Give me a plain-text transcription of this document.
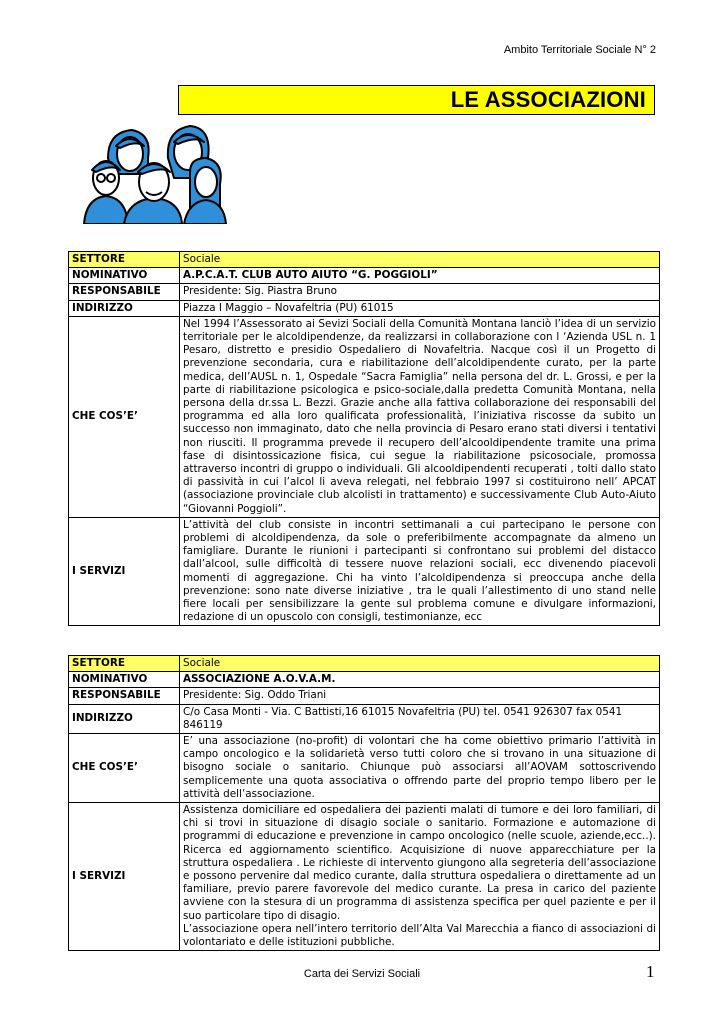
Ambito Territoriale Sociale N° 2
LE ASSOCIAZIONI
SETTORE	Sociale
NOMINATIVO	A.P.C.A.T. CLUB AUTO AIUTO “G. POGGIOLI”
RESPONSABILE	Presidente: Sig. Piastra Bruno
INDIRIZZO	Piazza I Maggio – Novafeltria (PU) 61015
CHE COS’E’	Nel 1994 l’Assessorato ai Sevizi Sociali della Comunità Montana lanciò l’idea di un servizio territoriale per le alcoldipendenze, da realizzarsi in collaborazione con l ‘Azienda USL n. 1 Pesaro, distretto e presidio Ospedaliero di Novafeltria. Nacque così il un Progetto di prevenzione secondaria, cura e riabilitazione dell’alcoldipendente curato, per la parte medica, dell’AUSL n. 1, Ospedale “Sacra Famiglia” nella persona del dr. L. Grossi, e per la parte di riabilitazione psicologica e psico-sociale,dalla predetta Comunità Montana, nella persona della dr.ssa L. Bezzi. Grazie anche alla fattiva collaborazione dei responsabili del programma ed alla loro qualificata professionalità, l’iniziativa riscosse da subito un successo non immaginato, dato che nella provincia di Pesaro erano stati diversi i tentativi non riusciti. Il programma prevede il recupero dell’alcooldipendente tramite una prima fase di disintossicazione fisica, cui segue la riabilitazione psicosociale, promossa attraverso incontri di gruppo o individuali. Gli alcooldipendenti recuperati , tolti dallo stato di passività in cui l’alcol li aveva relegati, nel febbraio 1997 si costituirono nell’ APCAT (associazione provinciale club alcolisti in trattamento) e successivamente Club Auto-Aiuto “Giovanni Poggioli”.
I SERVIZI	L’attività del club consiste in incontri settimanali a cui partecipano le persone con problemi di alcoldipendenza, da sole o preferibilmente accompagnate da almeno un famigliare. Durante le riunioni i partecipanti si confrontano sui problemi del distacco dall’alcool, sulle difficoltà di tessere nuove relazioni sociali, ecc divenendo piacevoli momenti di aggregazione. Chi ha vinto l’alcoldipendenza si preoccupa anche della prevenzione: sono nate diverse iniziative , tra le quali l’allestimento di uno stand nelle fiere locali per sensibilizzare la gente sul problema comune e divulgare informazioni, redazione di un opuscolo con consigli, testimonianze, ecc
SETTORE	Sociale
NOMINATIVO	ASSOCIAZIONE A.O.V.A.M.
RESPONSABILE	Presidente: Sig. Oddo Triani
INDIRIZZO	C/o Casa Monti - Via. C Battisti,16 61015 Novafeltria (PU) tel. 0541 926307 fax 0541 846119
CHE COS’E’	E’ una associazione (no-profit) di volontari che ha come obiettivo primario l’attività in campo oncologico e la solidarietà verso tutti coloro che si trovano in una situazione di bisogno sociale o sanitario. Chiunque può associarsi all’AOVAM sottoscrivendo semplicemente una quota associativa o offrendo parte del proprio tempo libero per le attività dell’associazione.
I SERVIZI	Assistenza domiciliare ed ospedaliera dei pazienti malati di tumore e dei loro familiari, di chi si trovi in situazione di disagio sociale o sanitario. Formazione e automazione di programmi di educazione e prevenzione in campo oncologico (nelle scuole, aziende,ecc..). Ricerca ed aggiornamento scientifico. Acquisizione di nuove apparecchiature per la struttura ospedaliera . Le richieste di intervento giungono alla segreteria dell’associazione e possono pervenire dal medico curante, dalla struttura ospedaliera o direttamente ad un familiare, previo parere favorevole del medico curante. La presa in carico del paziente avviene con la stesura di un programma di assistenza specifica per quel paziente e per il suo particolare tipo di disagio.
L’associazione opera nell’intero territorio dell’Alta Val Marecchia a fianco di associazioni di volontariato e delle istituzioni pubbliche.
Carta dei Servizi Sociali	1
